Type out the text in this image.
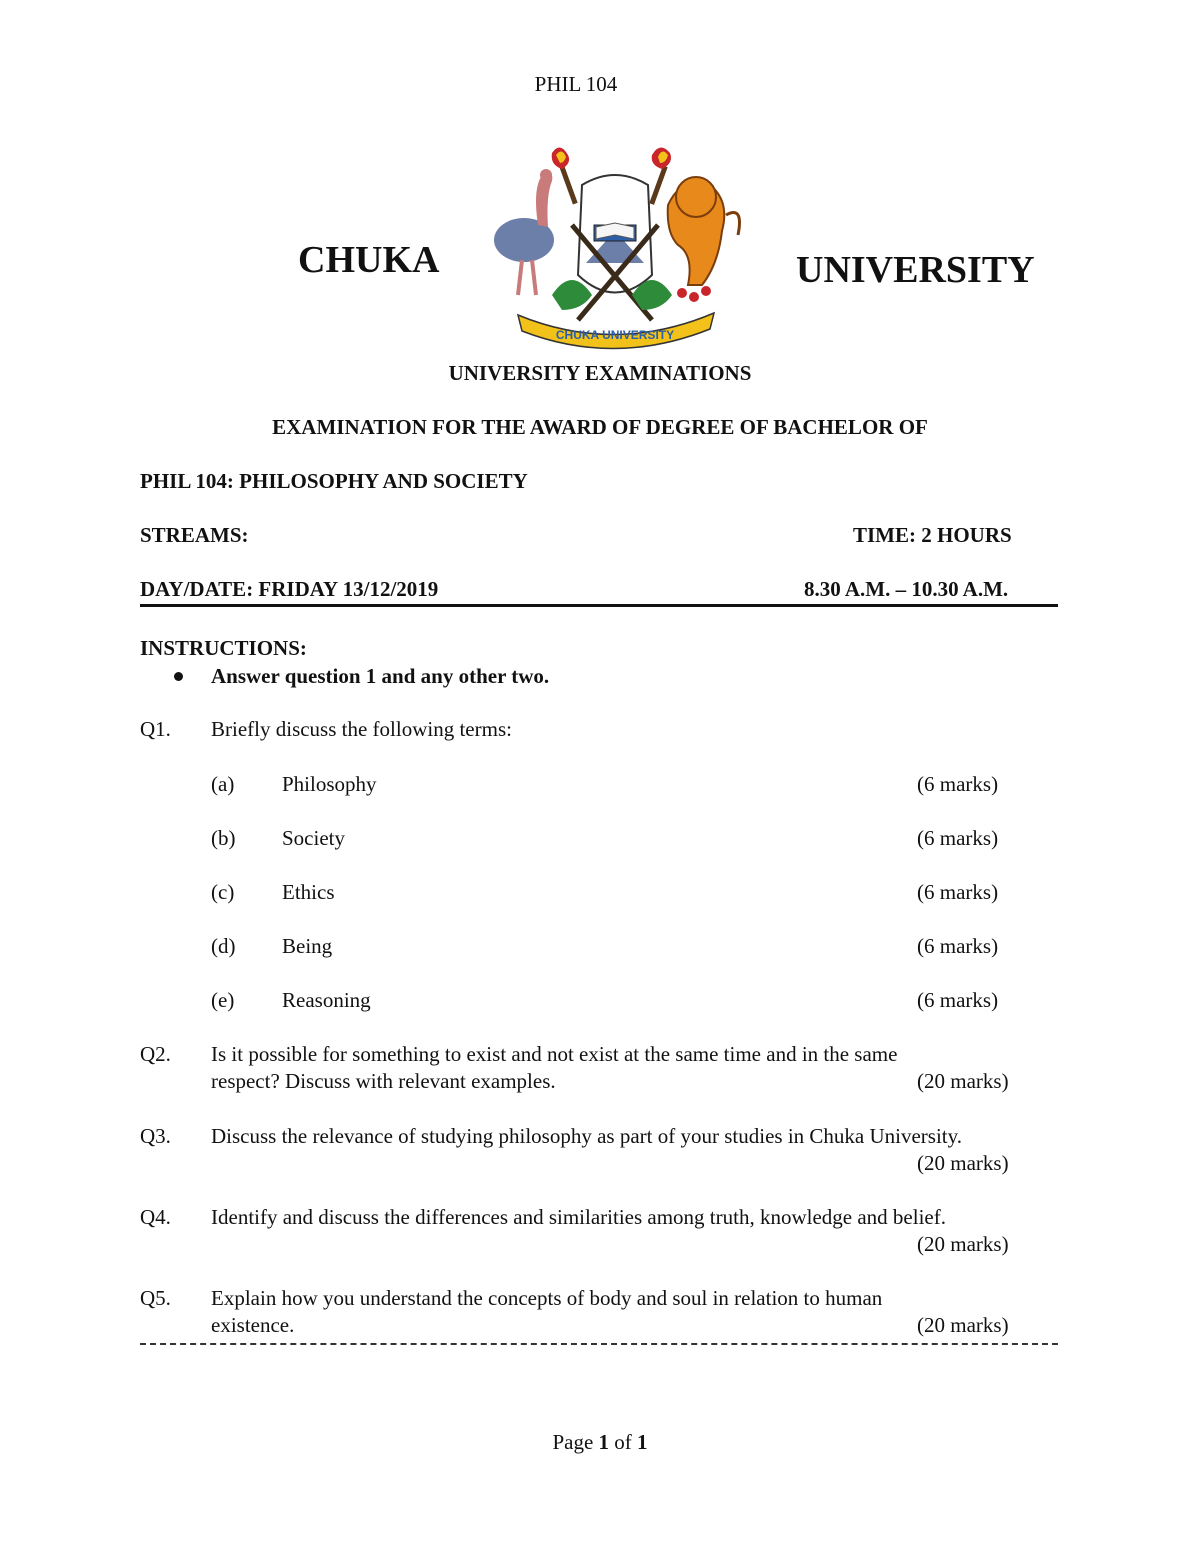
PHIL 104
CHUKA	UNIVERSITY
CHUKA UNIVERSITY
UNIVERSITY EXAMINATIONS
EXAMINATION FOR THE AWARD OF DEGREE OF BACHELOR OF
PHIL 104: PHILOSOPHY AND SOCIETY
STREAMS:	TIME: 2 HOURS
DAY/DATE: FRIDAY 13/12/2019	8.30 A.M. – 10.30 A.M.
INSTRUCTIONS:
Answer question 1 and any other two.
Q1. Briefly discuss the following terms:
(a) Philosophy	(6 marks)
(b) Society	(6 marks)
(c) Ethics	(6 marks)
(d) Being	(6 marks)
(e) Reasoning	(6 marks)
Q2. Is it possible for something to exist and not exist at the same time and in the same
respect? Discuss with relevant examples.	(20 marks)
Q3. Discuss the relevance of studying philosophy as part of your studies in Chuka University.
(20 marks)
Q4. Identify and discuss the differences and similarities among truth, knowledge and belief.
(20 marks)
Q5. Explain how you understand the concepts of body and soul in relation to human
existence.	(20 marks)
Page 1 of 1
